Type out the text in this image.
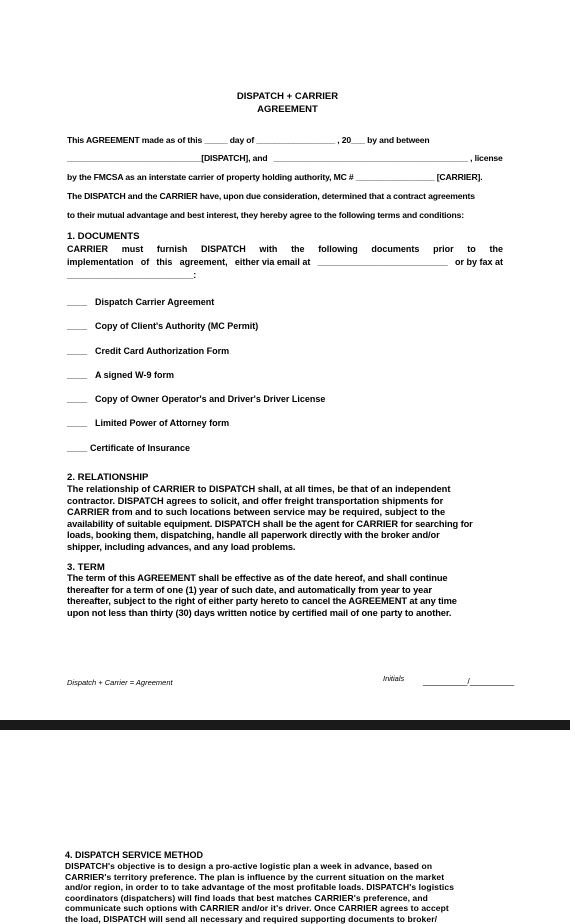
DISPATCH + CARRIER
AGREEMENT
This AGREEMENT made as of this _____ day of _________________ , 20___ by and between
_____________________________[DISPATCH], and __________________________________________ , license
by the FMCSA as an interstate carrier of property holding authority, MC # _________________ [CARRIER].
The DISPATCH and the CARRIER have, upon due consideration, determined that a contract agreements
to their mutual advantage and best interest, they hereby agree to the following terms and conditions:
1. DOCUMENTS
CARRIER must furnish DISPATCH with the following documents prior to the
implementation of this agreement, either via email at __________________________ or by fax at
__________________________:
____ Dispatch Carrier Agreement
____ Copy of Client's Authority (MC Permit)
____ Credit Card Authorization Form
____ A signed W-9 form
____ Copy of Owner Operator's and Driver's Driver License
____ Limited Power of Attorney form
____ Certificate of Insurance
2. RELATIONSHIP
The relationship of CARRIER to DISPATCH shall, at all times, be that of an independent
contractor. DISPATCH agrees to solicit, and offer freight transportation shipments for
CARRIER from and to such locations between service may be required, subject to the
availability of suitable equipment. DISPATCH shall be the agent for CARRIER for searching for
loads, booking them, dispatching, handle all paperwork directly with the broker and/or
shipper, including advances, and any load problems.
3. TERM
The term of this AGREEMENT shall be effective as of the date hereof, and shall continue
thereafter for a term of one (1) year of such date, and automatically from year to year
thereafter, subject to the right of either party hereto to cancel the AGREEMENT at any time
upon not less than thirty (30) days written notice by certified mail of one party to another.
Dispatch + Carrier = Agreement	Initials __________/__________
4. DISPATCH SERVICE METHOD
DISPATCH's objective is to design a pro-active logistic plan a week in advance, based on
CARRIER's territory preference. The plan is influence by the current situation on the market
and/or region, in order to to take advantage of the most profitable loads. DISPATCH's logistics
coordinators (dispatchers) will find loads that best matches CARRIER's preference, and
communicate such options with CARRIER and/or it's driver. Once CARRIER agrees to accept
the load, DISPATCH will send all necessary and required supporting documents to broker/
